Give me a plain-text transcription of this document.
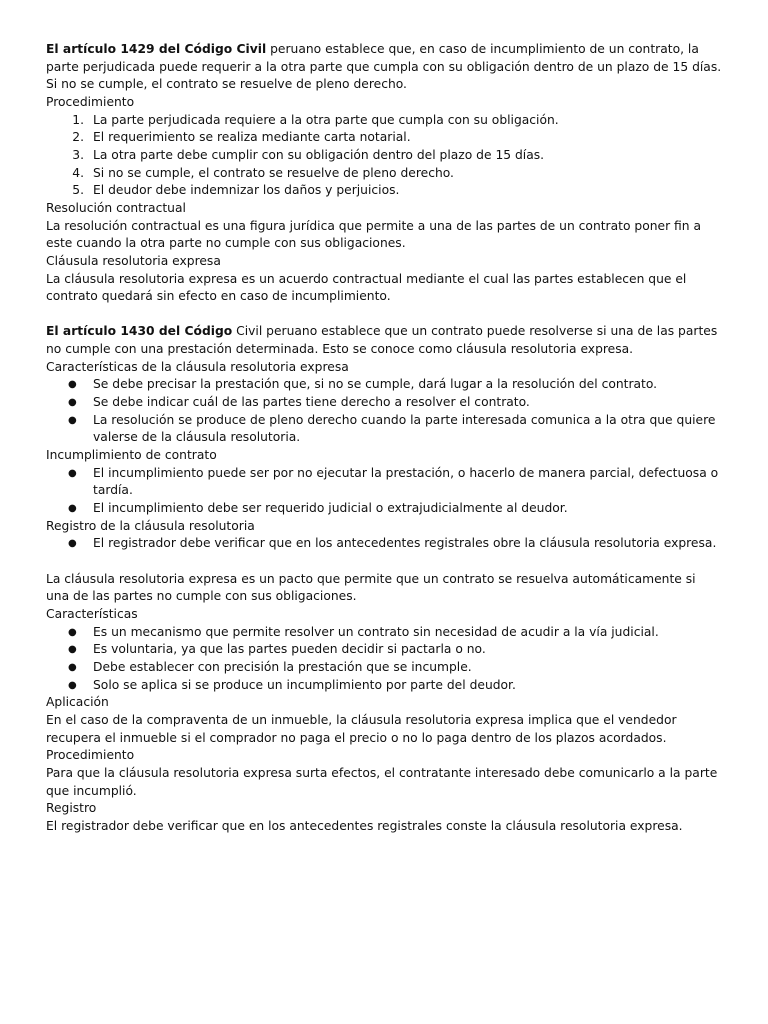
El artículo 1429 del Código Civil peruano establece que, en caso de incumplimiento de un contrato, la parte perjudicada puede requerir a la otra parte que cumpla con su obligación dentro de un plazo de 15 días. Si no se cumple, el contrato se resuelve de pleno derecho.

Procedimiento

1. La parte perjudicada requiere a la otra parte que cumpla con su obligación.
2. El requerimiento se realiza mediante carta notarial.
3. La otra parte debe cumplir con su obligación dentro del plazo de 15 días.
4. Si no se cumple, el contrato se resuelve de pleno derecho.
5. El deudor debe indemnizar los daños y perjuicios.

Resolución contractual

La resolución contractual es una figura jurídica que permite a una de las partes de un contrato poner fin a este cuando la otra parte no cumple con sus obligaciones.

Cláusula resolutoria expresa

La cláusula resolutoria expresa es un acuerdo contractual mediante el cual las partes establecen que el contrato quedará sin efecto en caso de incumplimiento.

El artículo 1430 del Código Civil peruano establece que un contrato puede resolverse si una de las partes no cumple con una prestación determinada. Esto se conoce como cláusula resolutoria expresa.

Características de la cláusula resolutoria expresa

● Se debe precisar la prestación que, si no se cumple, dará lugar a la resolución del contrato.
● Se debe indicar cuál de las partes tiene derecho a resolver el contrato.
● La resolución se produce de pleno derecho cuando la parte interesada comunica a la otra que quiere valerse de la cláusula resolutoria.

Incumplimiento de contrato

● El incumplimiento puede ser por no ejecutar la prestación, o hacerlo de manera parcial, defectuosa o tardía.
● El incumplimiento debe ser requerido judicial o extrajudicialmente al deudor.

Registro de la cláusula resolutoria

● El registrador debe verificar que en los antecedentes registrales obre la cláusula resolutoria expresa.

La cláusula resolutoria expresa es un pacto que permite que un contrato se resuelva automáticamente si una de las partes no cumple con sus obligaciones.

Características

● Es un mecanismo que permite resolver un contrato sin necesidad de acudir a la vía judicial.
● Es voluntaria, ya que las partes pueden decidir si pactarla o no.
● Debe establecer con precisión la prestación que se incumple.
● Solo se aplica si se produce un incumplimiento por parte del deudor.

Aplicación

En el caso de la compraventa de un inmueble, la cláusula resolutoria expresa implica que el vendedor recupera el inmueble si el comprador no paga el precio o no lo paga dentro de los plazos acordados.

Procedimiento

Para que la cláusula resolutoria expresa surta efectos, el contratante interesado debe comunicarlo a la parte que incumplió.

Registro

El registrador debe verificar que en los antecedentes registrales conste la cláusula resolutoria expresa.
